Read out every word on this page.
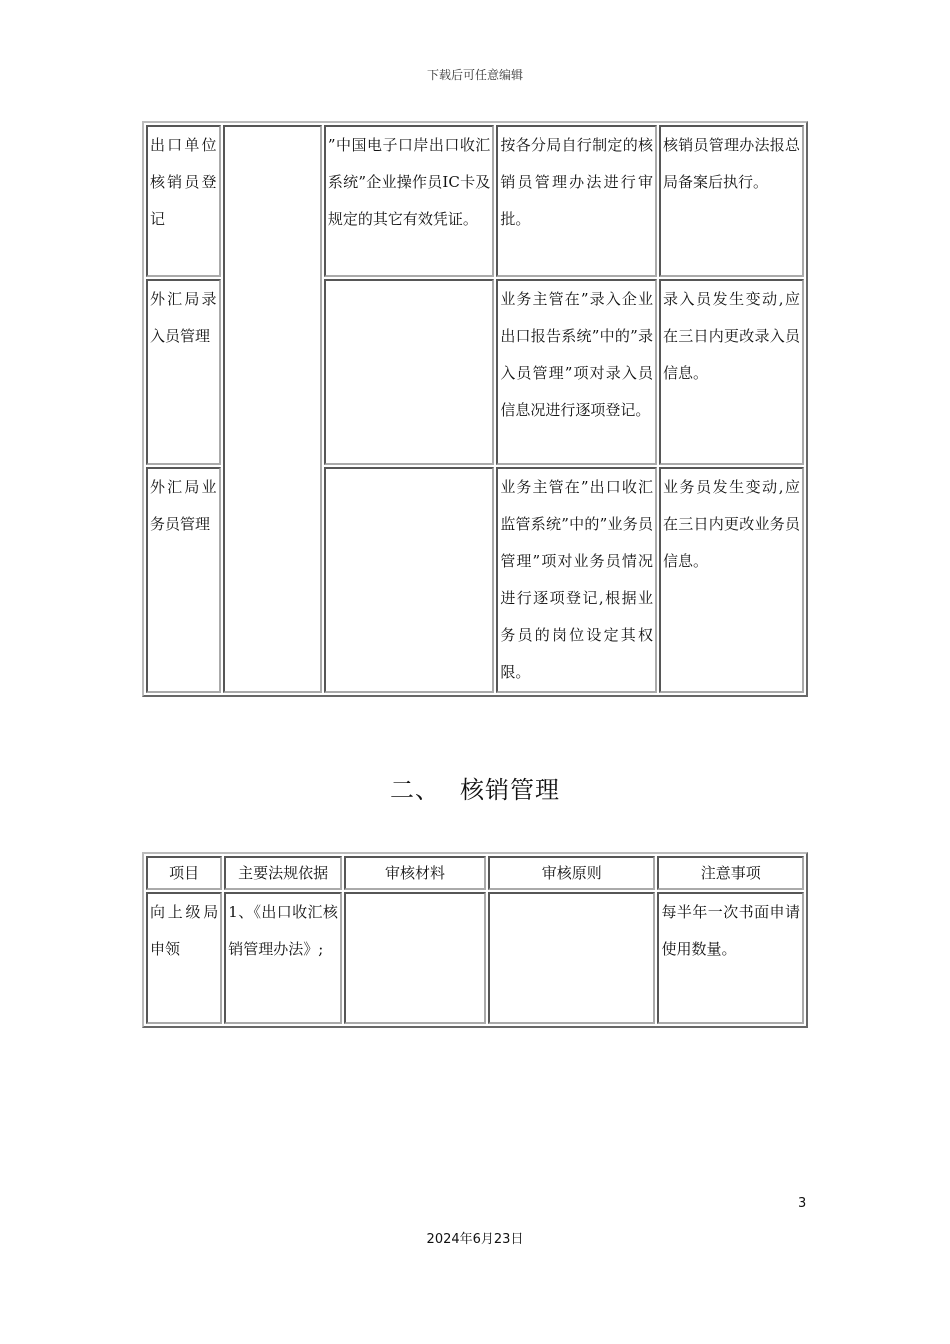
下载后可任意编辑
出口单位核销员登记		”中国电子口岸出口收汇系统”企业操作员IC卡及规定的其它有效凭证。	按各分局自行制定的核销员管理办法进行审批。	核销员管理办法报总局备案后执行。
外汇局录入员管理			业务主管在”录入企业出口报告系统”中的”录入员管理”项对录入员信息况进行逐项登记。	录入员发生变动,应在三日内更改录入员信息。
外汇局业务员管理			业务主管在”出口收汇监管系统”中的”业务员管理”项对业务员情况进行逐项登记,根据业务员的岗位设定其权限。	业务员发生变动,应在三日内更改业务员信息。
二、 核销管理
项目	主要法规依据	审核材料	审核原则	注意事项
向上级局申领	1、《出口收汇核销管理办法》;			每半年一次书面申请使用数量。
3
2024年6月23日
